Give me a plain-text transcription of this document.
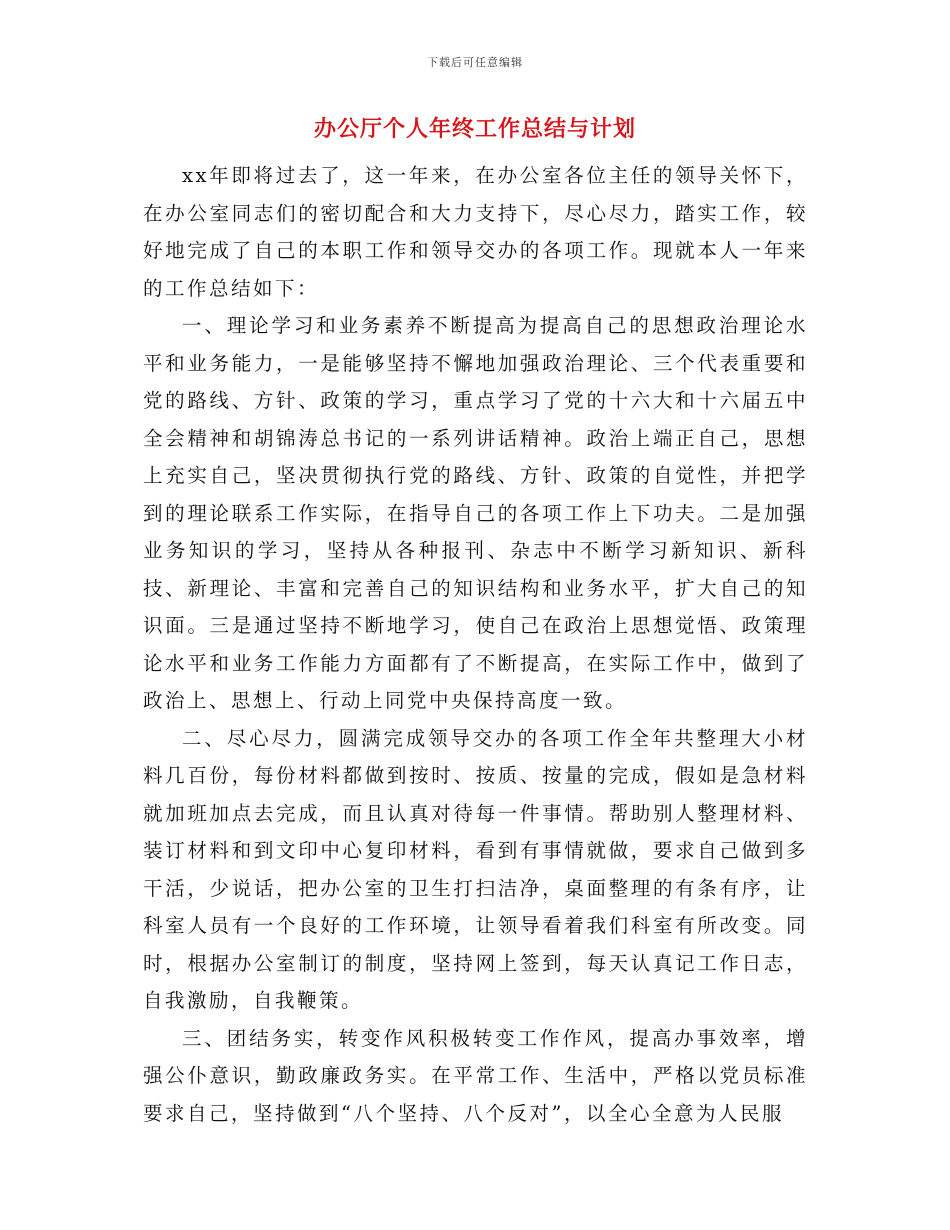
下载后可任意编辑
办公厅个人年终工作总结与计划

xx年即将过去了，这一年来，在办公室各位主任的领导关怀下，在办公室同志们的密切配合和大力支持下，尽心尽力，踏实工作，较好地完成了自己的本职工作和领导交办的各项工作。现就本人一年来的工作总结如下：

一、理论学习和业务素养不断提高为提高自己的思想政治理论水平和业务能力，一是能够坚持不懈地加强政治理论、三个代表重要和党的路线、方针、政策的学习，重点学习了党的十六大和十六届五中全会精神和胡锦涛总书记的一系列讲话精神。政治上端正自己，思想上充实自己，坚决贯彻执行党的路线、方针、政策的自觉性，并把学到的理论联系工作实际，在指导自己的各项工作上下功夫。二是加强业务知识的学习，坚持从各种报刊、杂志中不断学习新知识、新科技、新理论、丰富和完善自己的知识结构和业务水平，扩大自己的知识面。三是通过坚持不断地学习，使自己在政治上思想觉悟、政策理论水平和业务工作能力方面都有了不断提高，在实际工作中，做到了政治上、思想上、行动上同党中央保持高度一致。

二、尽心尽力，圆满完成领导交办的各项工作全年共整理大小材料几百份，每份材料都做到按时、按质、按量的完成，假如是急材料就加班加点去完成，而且认真对待每一件事情。帮助别人整理材料、装订材料和到文印中心复印材料，看到有事情就做，要求自己做到多干活，少说话，把办公室的卫生打扫洁净，桌面整理的有条有序，让科室人员有一个良好的工作环境，让领导看着我们科室有所改变。同时，根据办公室制订的制度，坚持网上签到，每天认真记工作日志，自我激励，自我鞭策。

三、团结务实，转变作风积极转变工作作风，提高办事效率，增强公仆意识，勤政廉政务实。在平常工作、生活中，严格以党员标准要求自己，坚持做到“八个坚持、八个反对”，以全心全意为人民服
